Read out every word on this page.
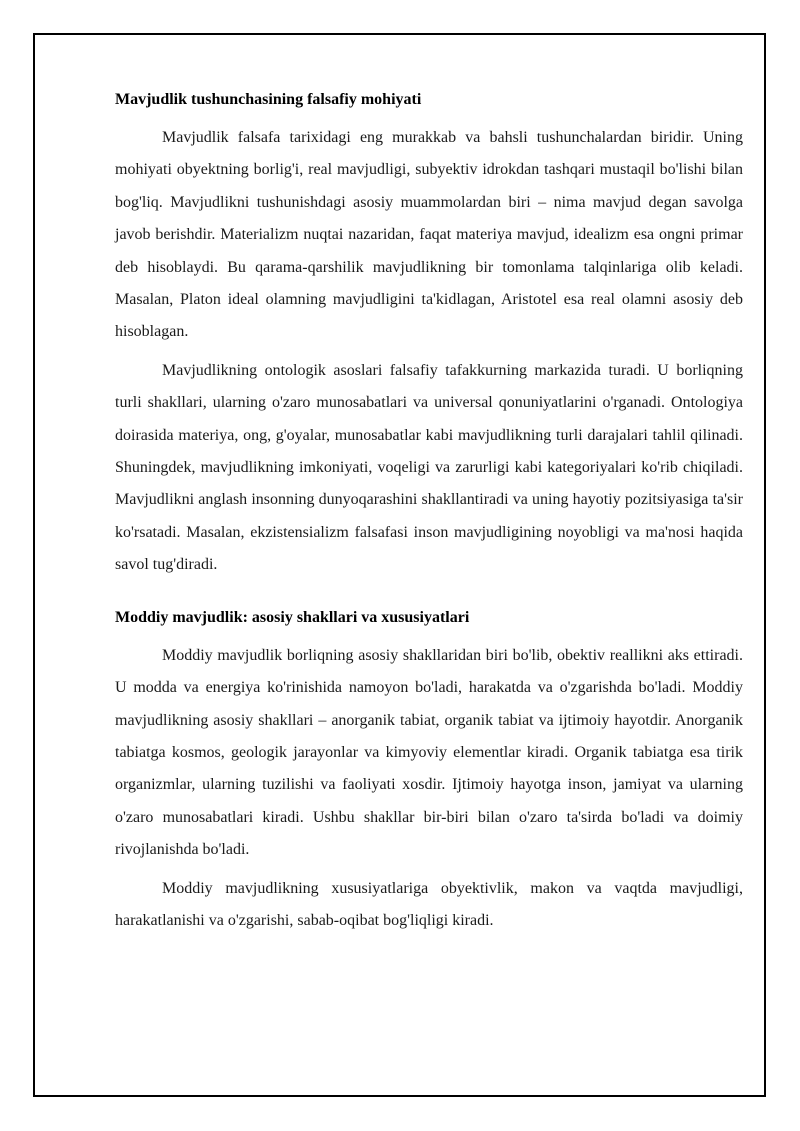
Mavjudlik tushunchasining falsafiy mohiyati

Mavjudlik falsafa tarixidagi eng murakkab va bahsli tushunchalardan biridir. Uning mohiyati obyektning borlig'i, real mavjudligi, subyektiv idrokdan tashqari mustaqil bo'lishi bilan bog'liq. Mavjudlikni tushunishdagi asosiy muammolardan biri – nima mavjud degan savolga javob berishdir. Materializm nuqtai nazaridan, faqat materiya mavjud, idealizm esa ongni primar deb hisoblaydi. Bu qarama-qarshilik mavjudlikning bir tomonlama talqinlariga olib keladi. Masalan, Platon ideal olamning mavjudligini ta'kidlagan, Aristotel esa real olamni asosiy deb hisoblagan.

Mavjudlikning ontologik asoslari falsafiy tafakkurning markazida turadi. U borliqning turli shakllari, ularning o'zaro munosabatlari va universal qonuniyatlarini o'rganadi. Ontologiya doirasida materiya, ong, g'oyalar, munosabatlar kabi mavjudlikning turli darajalari tahlil qilinadi. Shuningdek, mavjudlikning imkoniyati, voqeligi va zarurligi kabi kategoriyalari ko'rib chiqiladi. Mavjudlikni anglash insonning dunyoqarashini shakllantiradi va uning hayotiy pozitsiyasiga ta'sir ko'rsatadi. Masalan, ekzistensializm falsafasi inson mavjudligining noyobligi va ma'nosi haqida savol tug'diradi.

Moddiy mavjudlik: asosiy shakllari va xususiyatlari

Moddiy mavjudlik borliqning asosiy shakllaridan biri bo'lib, obektiv reallikni aks ettiradi. U modda va energiya ko'rinishida namoyon bo'ladi, harakatda va o'zgarishda bo'ladi. Moddiy mavjudlikning asosiy shakllari – anorganik tabiat, organik tabiat va ijtimoiy hayotdir. Anorganik tabiatga kosmos, geologik jarayonlar va kimyoviy elementlar kiradi. Organik tabiatga esa tirik organizmlar, ularning tuzilishi va faoliyati xosdir. Ijtimoiy hayotga inson, jamiyat va ularning o'zaro munosabatlari kiradi. Ushbu shakllar bir-biri bilan o'zaro ta'sirda bo'ladi va doimiy rivojlanishda bo'ladi.

Moddiy mavjudlikning xususiyatlariga obyektivlik, makon va vaqtda mavjudligi, harakatlanishi va o'zgarishi, sabab-oqibat bog'liqligi kiradi.
